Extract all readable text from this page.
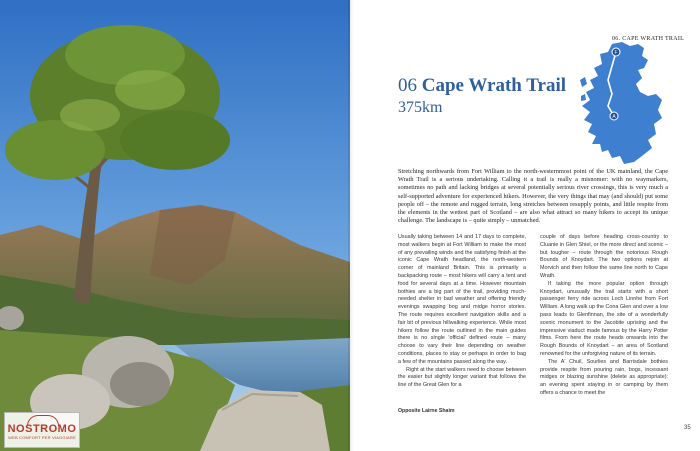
NOSTROMO
WEB COMFORT PER VIAGGIARE
06. CAPE WRATH TRAIL
06 Cape Wrath Trail
375km
F
A
Stretching northwards from Fort William to the north-westernmost point of the UK mainland, the Cape Wrath Trail is a serious undertaking. Calling it a trail is really a misnomer: with no waymarkers, sometimes no path and lacking bridges at several potentially serious river crossings, this is very much a self-supported adventure for experienced hikers. However, the very things that may (and should) put some people off – the remote and rugged terrain, long stretches between resupply points, and little respite from the elements in the wettest part of Scotland – are also what attract so many hikers to accept its unique challenge. The landscape is – quite simply – unmatched.

Usually taking between 14 and 17 days to complete, most walkers begin at Fort William to make the most of any prevailing winds and the satisfying finish at the iconic Cape Wrath headland, the north-western corner of mainland Britain. This is primarily a backpacking route – most hikers will carry a tent and food for several days at a time. However mountain bothies are a big part of the trail, providing much-needed shelter in bad weather and offering friendly evenings swapping bog and midge horror stories. The route requires excellent navigation skills and a fair bit of previous hillwalking experience. While most hikers follow the route outlined in the main guides there is no single 'official' defined route – many choose to vary their line depending on weather conditions, places to stay or perhaps in order to bag a few of the mountains passed along the way.

Right at the start walkers need to choose between the easier but slightly longer variant that follows the line of the Great Glen for a

couple of days before heading cross-country to Cluanie in Glen Shiel, or the more direct and scenic – but tougher – route through the notorious Rough Bounds of Knoydart. The two options rejoin at Morvich and then follow the same line north to Cape Wrath.

If taking the more popular option through Knoydart, unusually the trail starts with a short passenger ferry ride across Loch Linnhe from Fort William. A long walk up the Cona Glen and over a low pass leads to Glenfinnan, the site of a wonderfully scenic monument to the Jacobite uprising and the impressive viaduct made famous by the Harry Potter films. From here the route heads onwards into the Rough Bounds of Knoydart – an area of Scotland renowned for the unforgiving nature of its terrain.

The A' Chuil, Sourlies and Barrisdale bothies provide respite from pouring rain, bogs, incessant midges or blazing sunshine (delete as appropriate): an evening spent staying in or camping by them offers a chance to meet the

Opposite Lairne Shaim
35
